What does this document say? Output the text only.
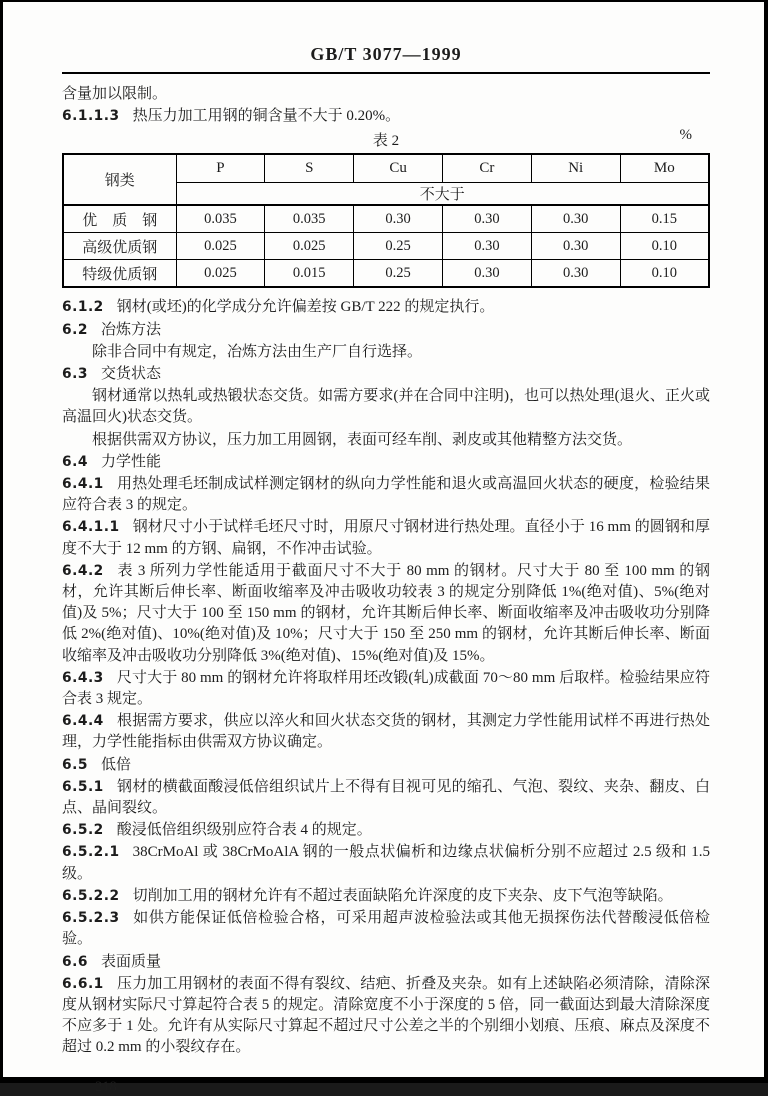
GB/T 3077—1999

含量加以限制。

6.1.1.3 热压力加工用钢的铜含量不大于 0.20%。

表 2	%
钢类	P	S	Cu	Cr	Ni	Mo
	不大于					
优　质　钢	0.035	0.035	0.30	0.30	0.30	0.15
高级优质钢	0.025	0.025	0.25	0.30	0.30	0.10
特级优质钢	0.025	0.015	0.25	0.30	0.30	0.10

6.1.2 钢材(或坯)的化学成分允许偏差按 GB/T 222 的规定执行。

6.2 冶炼方法

除非合同中有规定，冶炼方法由生产厂自行选择。

6.3 交货状态

钢材通常以热轧或热锻状态交货。如需方要求(并在合同中注明)，也可以热处理(退火、正火或高温回火)状态交货。

根据供需双方协议，压力加工用圆钢，表面可经车削、剥皮或其他精整方法交货。

6.4 力学性能

6.4.1 用热处理毛坯制成试样测定钢材的纵向力学性能和退火或高温回火状态的硬度，检验结果应符合表 3 的规定。

6.4.1.1 钢材尺寸小于试样毛坯尺寸时，用原尺寸钢材进行热处理。直径小于 16 mm 的圆钢和厚度不大于 12 mm 的方钢、扁钢，不作冲击试验。

6.4.2 表 3 所列力学性能适用于截面尺寸不大于 80 mm 的钢材。尺寸大于 80 至 100 mm 的钢材，允许其断后伸长率、断面收缩率及冲击吸收功较表 3 的规定分别降低 1%(绝对值)、5%(绝对值)及 5%；尺寸大于 100 至 150 mm 的钢材，允许其断后伸长率、断面收缩率及冲击吸收功分别降低 2%(绝对值)、10%(绝对值)及 10%；尺寸大于 150 至 250 mm 的钢材，允许其断后伸长率、断面收缩率及冲击吸收功分别降低 3%(绝对值)、15%(绝对值)及 15%。

6.4.3 尺寸大于 80 mm 的钢材允许将取样用坯改锻(轧)成截面 70～80 mm 后取样。检验结果应符合表 3 规定。

6.4.4 根据需方要求，供应以淬火和回火状态交货的钢材，其测定力学性能用试样不再进行热处理，力学性能指标由供需双方协议确定。

6.5 低倍

6.5.1 钢材的横截面酸浸低倍组织试片上不得有目视可见的缩孔、气泡、裂纹、夹杂、翻皮、白点、晶间裂纹。

6.5.2 酸浸低倍组织级别应符合表 4 的规定。

6.5.2.1 38CrMoAl 或 38CrMoAlA 钢的一般点状偏析和边缘点状偏析分别不应超过 2.5 级和 1.5 级。

6.5.2.2 切削加工用的钢材允许有不超过表面缺陷允许深度的皮下夹杂、皮下气泡等缺陷。

6.5.2.3 如供方能保证低倍检验合格，可采用超声波检验法或其他无损探伤法代替酸浸低倍检验。

6.6 表面质量

6.6.1 压力加工用钢材的表面不得有裂纹、结疤、折叠及夹杂。如有上述缺陷必须清除，清除深度从钢材实际尺寸算起符合表 5 的规定。清除宽度不小于深度的 5 倍，同一截面达到最大清除深度不应多于 1 处。允许有从实际尺寸算起不超过尺寸公差之半的个别细小划痕、压痕、麻点及深度不超过 0.2 mm 的小裂纹存在。

218
